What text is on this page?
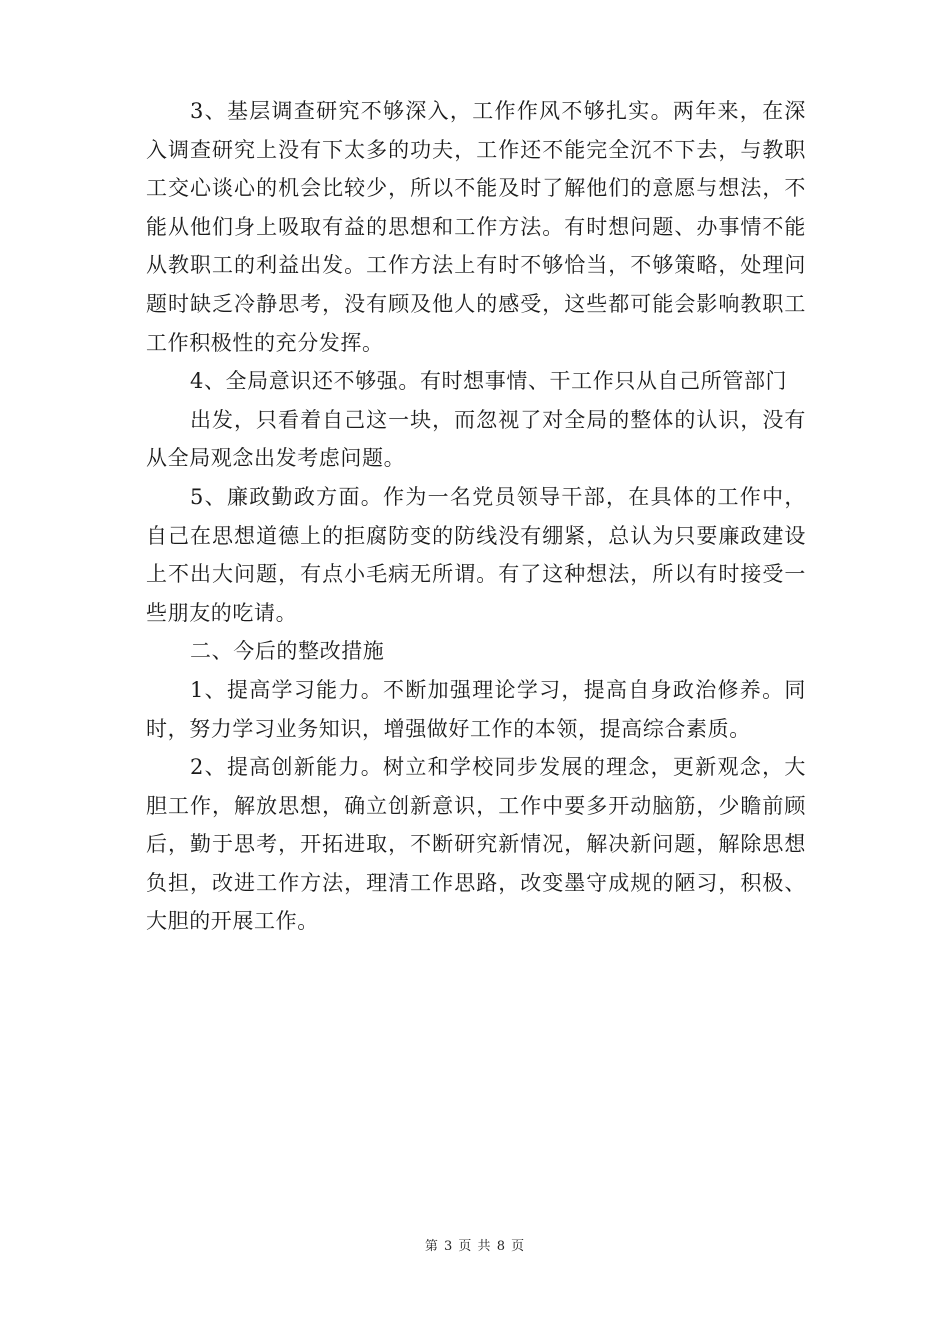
3、基层调查研究不够深入，工作作风不够扎实。两年来，在深入调查研究上没有下太多的功夫，工作还不能完全沉不下去，与教职工交心谈心的机会比较少，所以不能及时了解他们的意愿与想法，不能从他们身上吸取有益的思想和工作方法。有时想问题、办事情不能从教职工的利益出发。工作方法上有时不够恰当，不够策略，处理问题时缺乏冷静思考，没有顾及他人的感受，这些都可能会影响教职工工作积极性的充分发挥。

4、全局意识还不够强。有时想事情、干工作只从自己所管部门

出发，只看着自己这一块，而忽视了对全局的整体的认识，没有从全局观念出发考虑问题。

5、廉政勤政方面。作为一名党员领导干部，在具体的工作中，自己在思想道德上的拒腐防变的防线没有绷紧，总认为只要廉政建设上不出大问题，有点小毛病无所谓。有了这种想法，所以有时接受一些朋友的吃请。

二、今后的整改措施

1、提高学习能力。不断加强理论学习，提高自身政治修养。同时，努力学习业务知识，增强做好工作的本领，提高综合素质。

2、提高创新能力。树立和学校同步发展的理念，更新观念，大胆工作，解放思想，确立创新意识，工作中要多开动脑筋，少瞻前顾后，勤于思考，开拓进取，不断研究新情况，解决新问题，解除思想负担，改进工作方法，理清工作思路，改变墨守成规的陋习，积极、大胆的开展工作。

第 3 页 共 8 页
